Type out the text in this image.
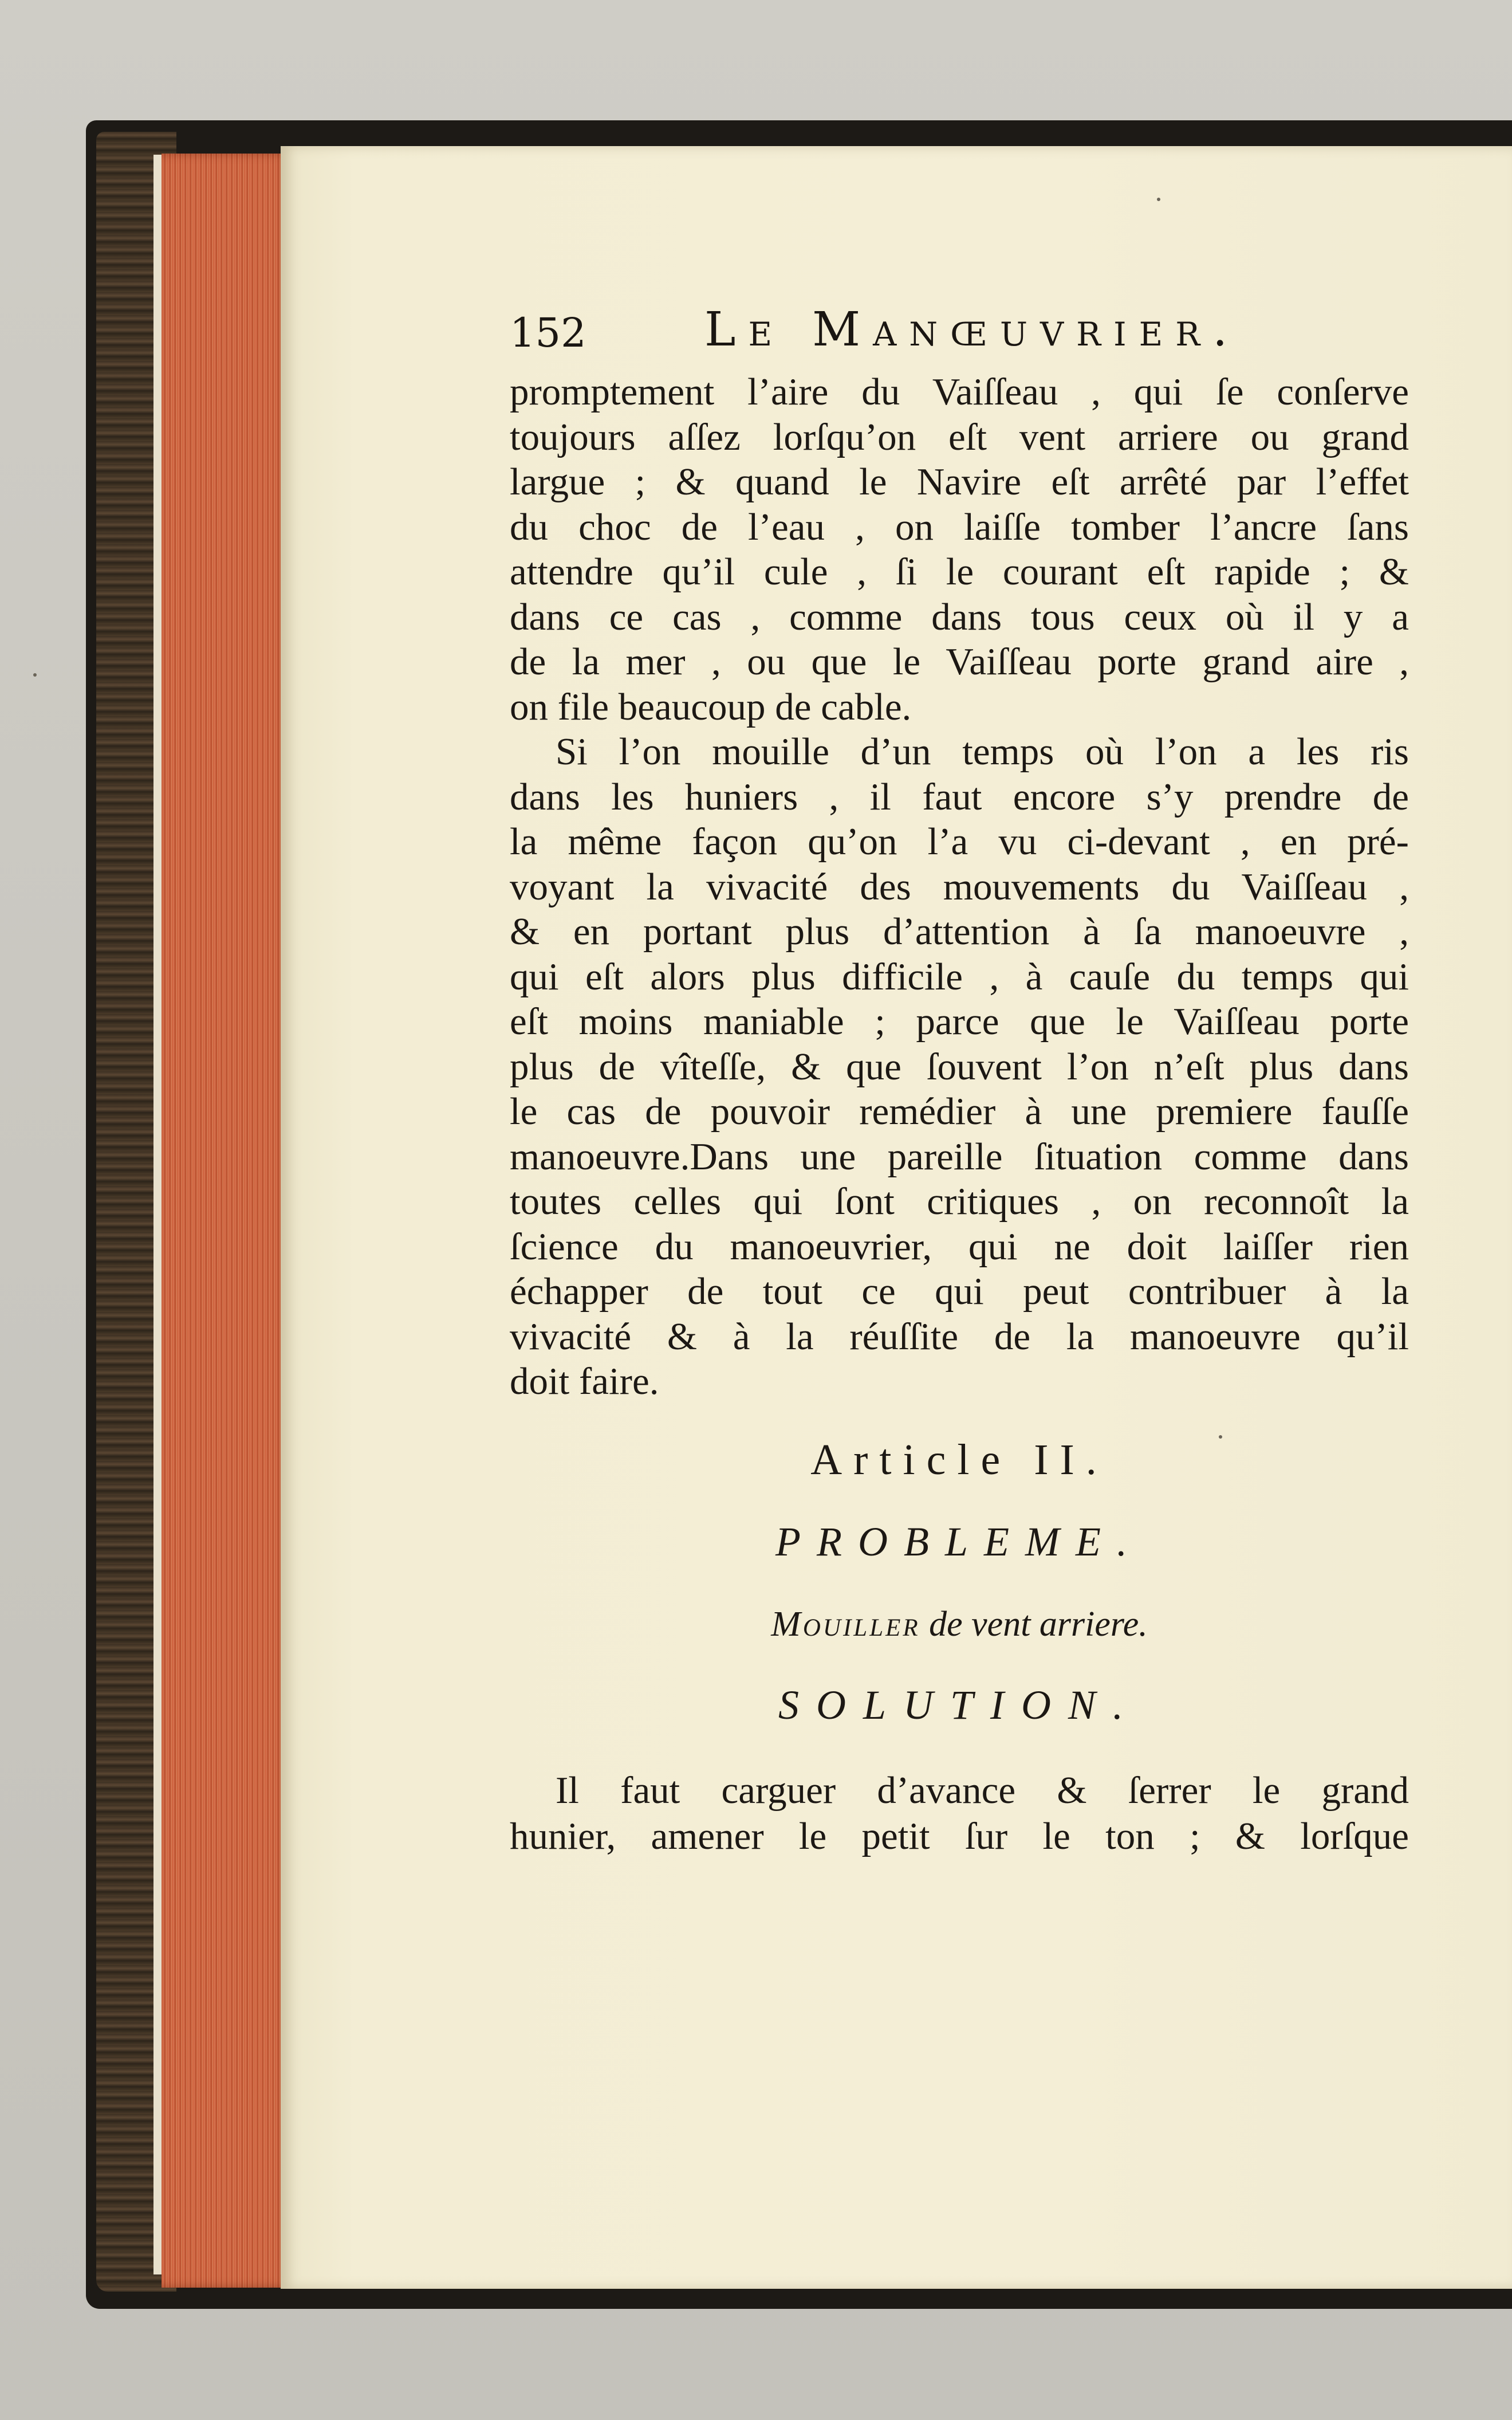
152	Le Manœuvrier.

promptement l’aire du Vaiſſeau , qui ſe conſerve
toujours aſſez lorſqu’on eſt vent arriere ou grand
largue ; & quand le Navire eſt arrêté par l’effet
du choc de l’eau , on laiſſe tomber l’ancre ſans
attendre qu’il cule , ſi le courant eſt rapide ; &
dans ce cas , comme dans tous ceux où il y a
de la mer , ou que le Vaiſſeau porte grand aire ,
on file beaucoup de cable.

Si l’on mouille d’un temps où l’on a les ris
dans les huniers , il faut encore s’y prendre de
la même façon qu’on l’a vu ci-devant , en pré-
voyant la vivacité des mouvements du Vaiſſeau ,
& en portant plus d’attention à ſa manoeuvre ,
qui eſt alors plus difficile , à cauſe du temps qui
eſt moins maniable ; parce que le Vaiſſeau porte
plus de vîteſſe, & que ſouvent l’on n’eſt plus dans
le cas de pouvoir remédier à une premiere fauſſe
manoeuvre.Dans une pareille ſituation comme dans
toutes celles qui ſont critiques , on reconnoît la
ſcience du manoeuvrier, qui ne doit laiſſer rien
échapper de tout ce qui peut contribuer à la
vivacité & à la réuſſite de la manoeuvre qu’il
doit faire.

Article II.
PROBLEME.
Mouiller de vent arriere.
SOLUTION.

Il faut carguer d’avance & ſerrer le grand
hunier, amener le petit ſur le ton ; & lorſque
